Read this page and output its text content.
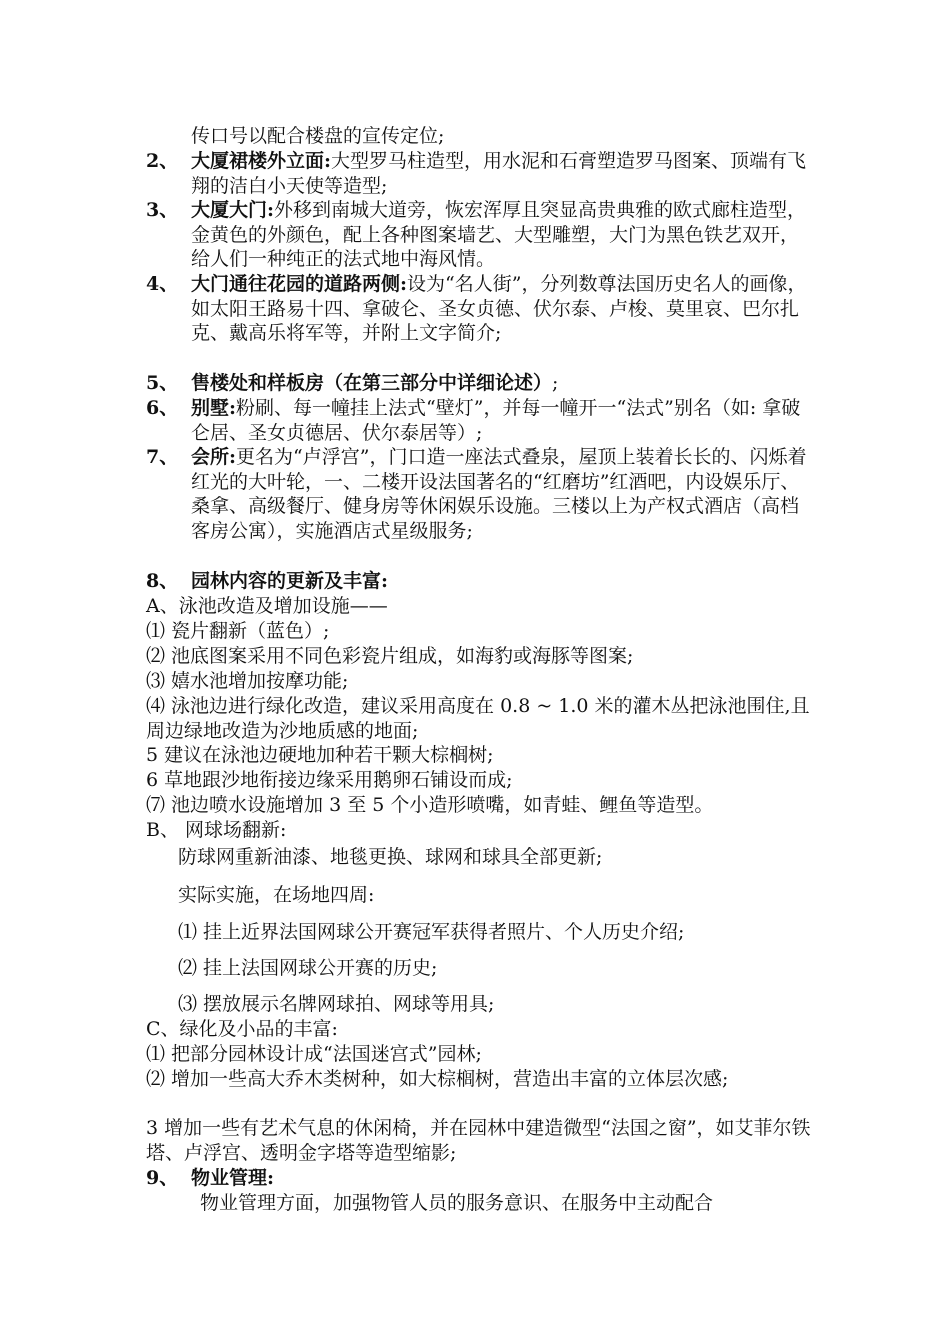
传口号以配合楼盘的宣传定位;

2、 大厦裙楼外立面:大型罗马柱造型，用水泥和石膏塑造罗马图案、顶端有飞翔的洁白小天使等造型;
3、 大厦大门:外移到南城大道旁，恢宏浑厚且突显高贵典雅的欧式廊柱造型，金黄色的外颜色，配上各种图案墙艺、大型雕塑，大门为黑色铁艺双开，给人们一种纯正的法式地中海风情。
4、 大门通往花园的道路两侧:设为“名人街”，分列数尊法国历史名人的画像，如太阳王路易十四、拿破仑、圣女贞德、伏尔泰、卢梭、莫里哀、巴尔扎克、戴高乐将军等，并附上文字简介;
5、 售楼处和样板房（在第三部分中详细论述）;
6、 别墅:粉刷、每一幢挂上法式“壁灯”，并每一幢开一“法式”别名（如: 拿破仑居、圣女贞德居、伏尔泰居等）;
7、 会所:更名为“卢浮宫”，门口造一座法式叠泉，屋顶上装着长长的、闪烁着红光的大叶轮，一、二楼开设法国著名的“红磨坊”红酒吧，内设娱乐厅、桑拿、高级餐厅、健身房等休闲娱乐设施。三楼以上为产权式酒店（高档客房公寓），实施酒店式星级服务;
8、 园林内容的更新及丰富:

A、泳池改造及增加设施——

⑴ 瓷片翻新（蓝色）;

⑵ 池底图案采用不同色彩瓷片组成，如海豹或海豚等图案;

⑶ 嬉水池增加按摩功能;

⑷ 泳池边进行绿化改造，建议采用高度在 0.8 ~ 1.0 米的灌木丛把泳池围住,且周边绿地改造为沙地质感的地面;

5 建议在泳池边硬地加种若干颗大棕榈树;

6 草地跟沙地衔接边缘采用鹅卵石铺设而成;

⑺ 池边喷水设施增加 3 至 5 个小造形喷嘴，如青蛙、鲤鱼等造型。

B、 网球场翻新:

防球网重新油漆、地毯更换、球网和球具全部更新;

实际实施，在场地四周:

⑴ 挂上近界法国网球公开赛冠军获得者照片、个人历史介绍;

⑵ 挂上法国网球公开赛的历史;

⑶ 摆放展示名牌网球拍、网球等用具;

C、绿化及小品的丰富:

⑴ 把部分园林设计成“法国迷宫式”园林;

⑵ 增加一些高大乔木类树种，如大棕榈树，营造出丰富的立体层次感;

3 增加一些有艺术气息的休闲椅，并在园林中建造微型“法国之窗”，如艾菲尔铁塔、卢浮宫、透明金字塔等造型缩影;

9、 物业管理:

物业管理方面，加强物管人员的服务意识、在服务中主动配合
